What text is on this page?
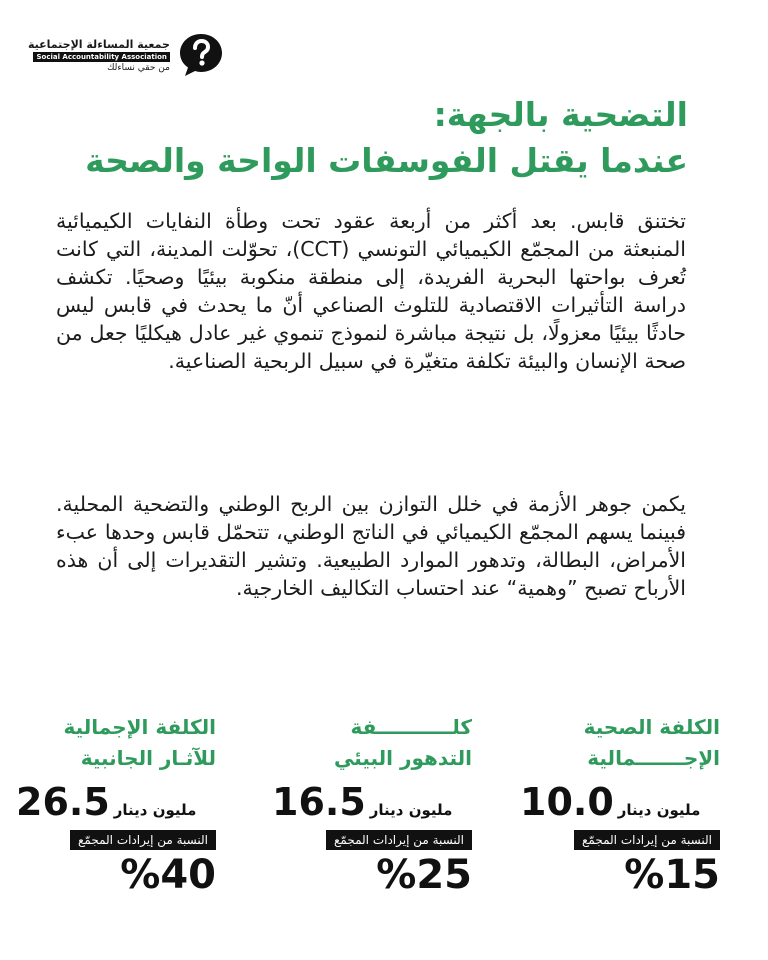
جمعية المساءلة الإجتماعية
Social Accountability Association
من حقي نساءلك
التضحية بالجهة:
عندما يقتل الفوسفات الواحة والصحة
تختنق قابس. بعد أكثر من أربعة عقود تحت وطأة النفايات الكيميائية المنبعثة من المجمّع الكيميائي التونسي (CCT)، تحوّلت المدينة، التي كانت تُعرف بواحتها البحرية الفريدة، إلى منطقة منكوبة بيئيًا وصحيًا. تكشف دراسة التأثيرات الاقتصادية للتلوث الصناعي أنّ ما يحدث في قابس ليس حادثًا بيئيًا معزولًا، بل نتيجة مباشرة لنموذج تنموي غير عادل هيكليًا جعل من صحة الإنسان والبيئة تكلفة متغيّرة في سبيل الربحية الصناعية.
يكمن جوهر الأزمة في خلل التوازن بين الربح الوطني والتضحية المحلية. فبينما يسهم المجمّع الكيميائي في الناتج الوطني، تتحمّل قابس وحدها عبء الأمراض، البطالة، وتدهور الموارد الطبيعية. وتشير التقديرات إلى أن هذه الأرباح تصبح ”وهمية“ عند احتساب التكاليف الخارجية.
الكلفة الصحية
الإجـــــــمالية
مليون دينار
10.0
النسبة من إيرادات المجمّع
%15
كلـــــــــــفة
التدهور البيئي
مليون دينار
16.5
النسبة من إيرادات المجمّع
%25
الكلفة الإجمالية
للآثـار الجانبية
مليون دينار
26.5
النسبة من إيرادات المجمّع
%40
